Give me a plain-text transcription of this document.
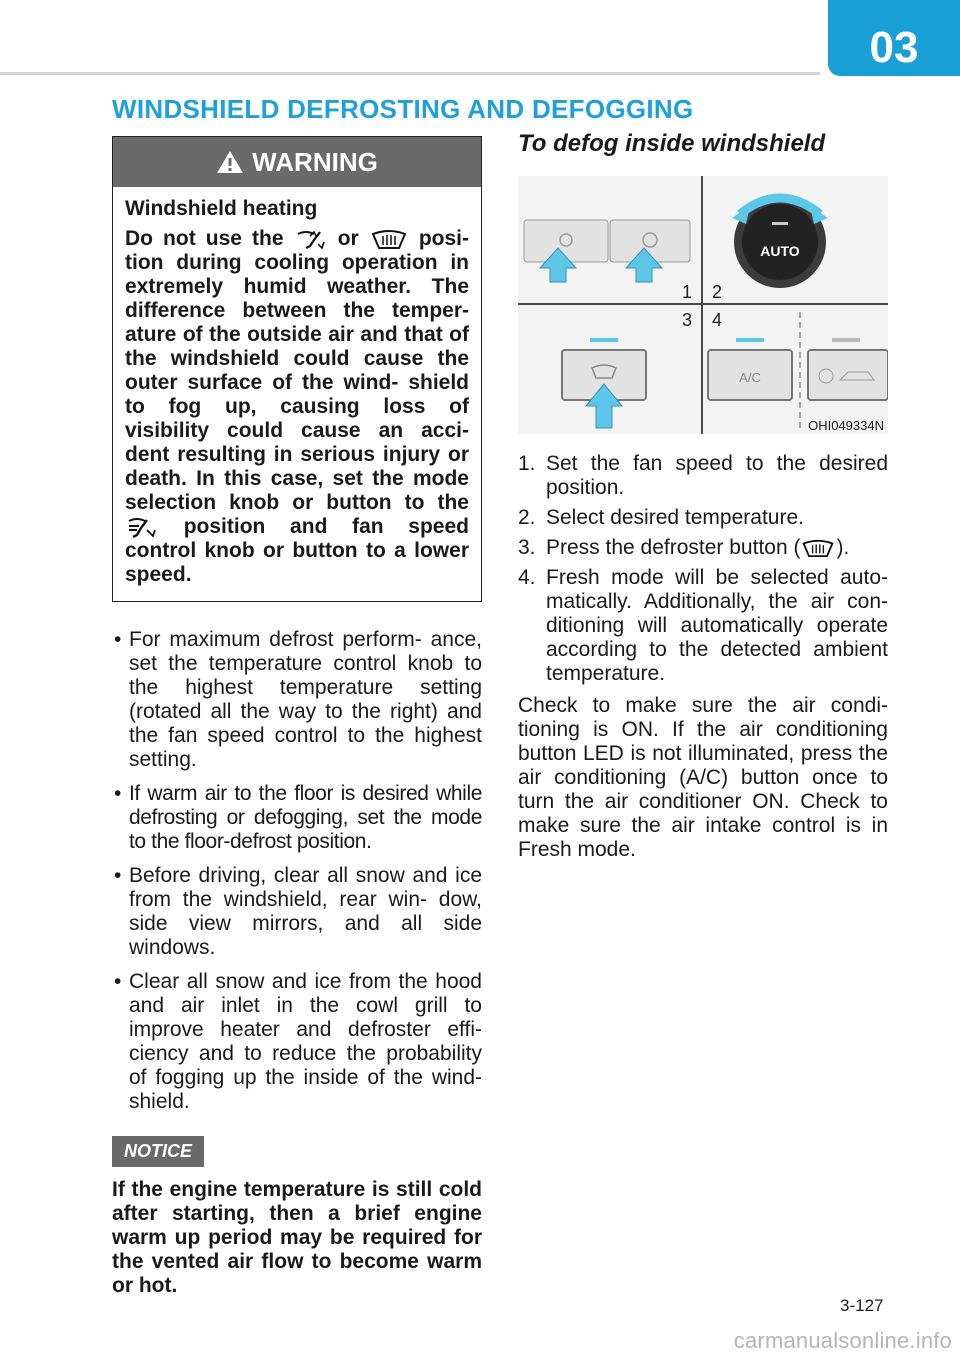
03
WINDSHIELD DEFROSTING AND DEFOGGING
WARNING

Windshield heating

Do not use the	or	posi- tion during cooling operation in extremely humid weather. The difference between the temper- ature of the outside air and that of the windshield could cause the outer surface of the wind- shield to fog up, causing loss of visibility could cause an acci- dent resulting in serious injury or death. In this case, set the mode selection knob or button to the  position and fan speed control knob or button to a lower speed.

• For maximum defrost perform- ance, set the temperature control knob to the highest temperature setting (rotated all the way to the right) and the fan speed control to the highest setting.
• If warm air to the floor is desired while defrosting or defogging, set the mode to the floor-defrost position.
• Before driving, clear all snow and ice from the windshield, rear win- dow, side view mirrors, and all side windows.
• Clear all snow and ice from the hood and air inlet in the cowl grill to improve heater and defroster effi- ciency and to reduce the probability of fogging up the inside of the wind- shield.
NOTICE
If the engine temperature is still cold after starting, then a brief engine warm up period may be required for the vented air flow to become warm or hot.
To defog inside windshield
1 2
AUTO
3 4
A/C
OHI049334N
1. Set the fan speed to the desired position.
2. Select desired temperature.
3. Press the defroster button ( ).
4. Fresh mode will be selected auto- matically. Additionally, the air con- ditioning will automatically operate according to the detected ambient temperature.

Check to make sure the air condi- tioning is ON. If the air conditioning button LED is not illuminated, press the air conditioning (A/C) button once to turn the air conditioner ON. Check to make sure the air intake control is in Fresh mode.

3-127
carmanualsonline.info
